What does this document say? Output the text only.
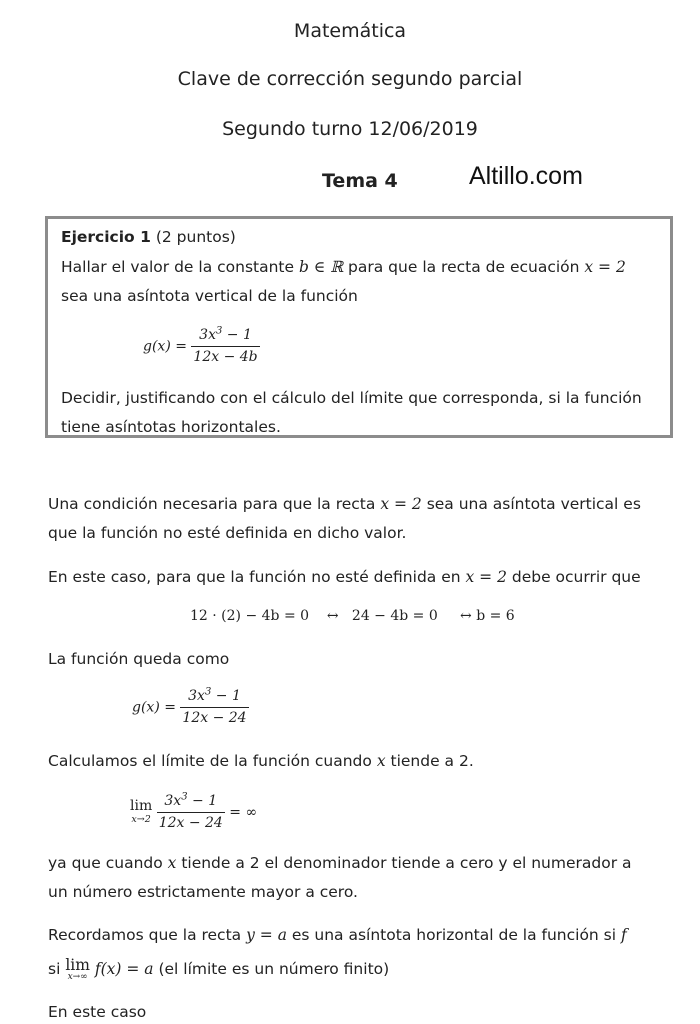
Matemática
Clave de corrección segundo parcial
Segundo turno 12/06/2019
Tema 4	Altillo.com
Ejercicio 1 (2 puntos)
Hallar el valor de la constante b ∈ ℝ para que la recta de ecuación x = 2
sea una asíntota vertical de la función
$g(x) = \frac{3x^3 - 1}{12x - 4b}$
Decidir, justificando con el cálculo del límite que corresponda, si la función
tiene asíntotas horizontales.
Una condición necesaria para que la recta x = 2 sea una asíntota vertical es
que la función no esté definida en dicho valor.
En este caso, para que la función no esté definida en x = 2 debe ocurrir que
12 · (2) − 4b = 0    ↔   24 − 4b = 0     ↔ b = 6
La función queda como
$g(x) = \frac{3x^3 - 1}{12x - 24}$
Calculamos el límite de la función cuando x tiende a 2.
lim
x→2
$\frac{3x^3 - 1}{12x - 24}$ = ∞
ya que cuando x tiende a 2 el denominador tiende a cero y el numerador a
un número estrictamente mayor a cero.
Recordamos que la recta y = a es una asíntota horizontal de la función si f
si lim
x→∞ f(x) = a (el límite es un número finito)
En este caso
